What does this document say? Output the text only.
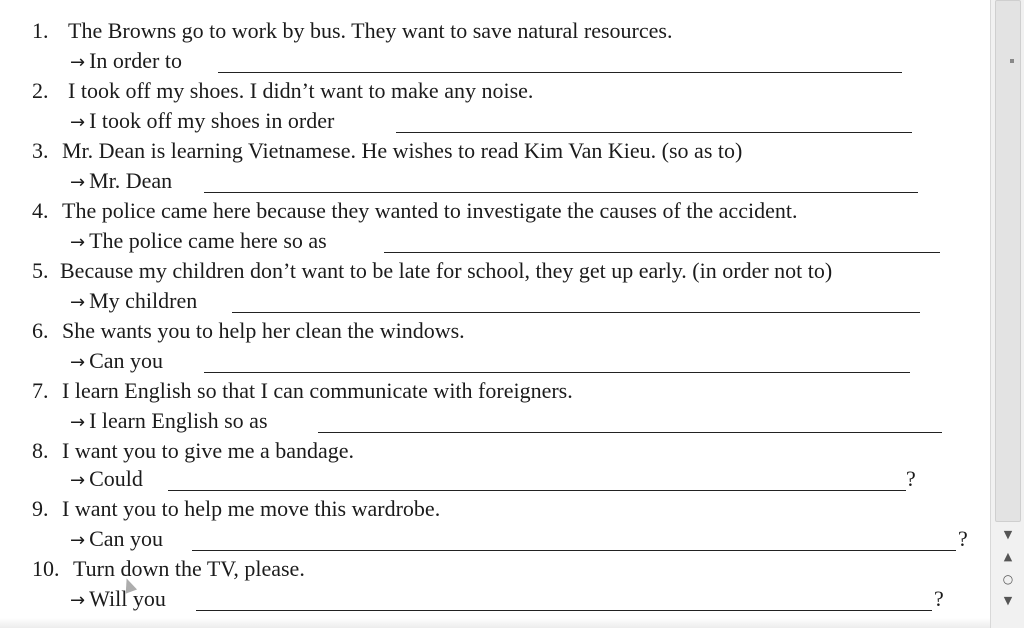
1. The Browns go to work by bus. They want to save natural resources.
→ In order to
2. I took off my shoes. I didn’t want to make any noise.
→ I took off my shoes in order
3. Mr. Dean is learning Vietnamese. He wishes to read Kim Van Kieu. (so as to)
→ Mr. Dean
4. The police came here because they wanted to investigate the causes of the accident.
→ The police came here so as
5. Because my children don’t want to be late for school, they get up early. (in order not to)
→ My children
6. She wants you to help her clean the windows.
→ Can you
7. I learn English so that I can communicate with foreigners.
→ I learn English so as
8. I want you to give me a bandage.
→ Could	?
9. I want you to help me move this wardrobe.
→ Can you	?
10. Turn down the TV, please.
→ Will you	?
▼
▲
○
▼
